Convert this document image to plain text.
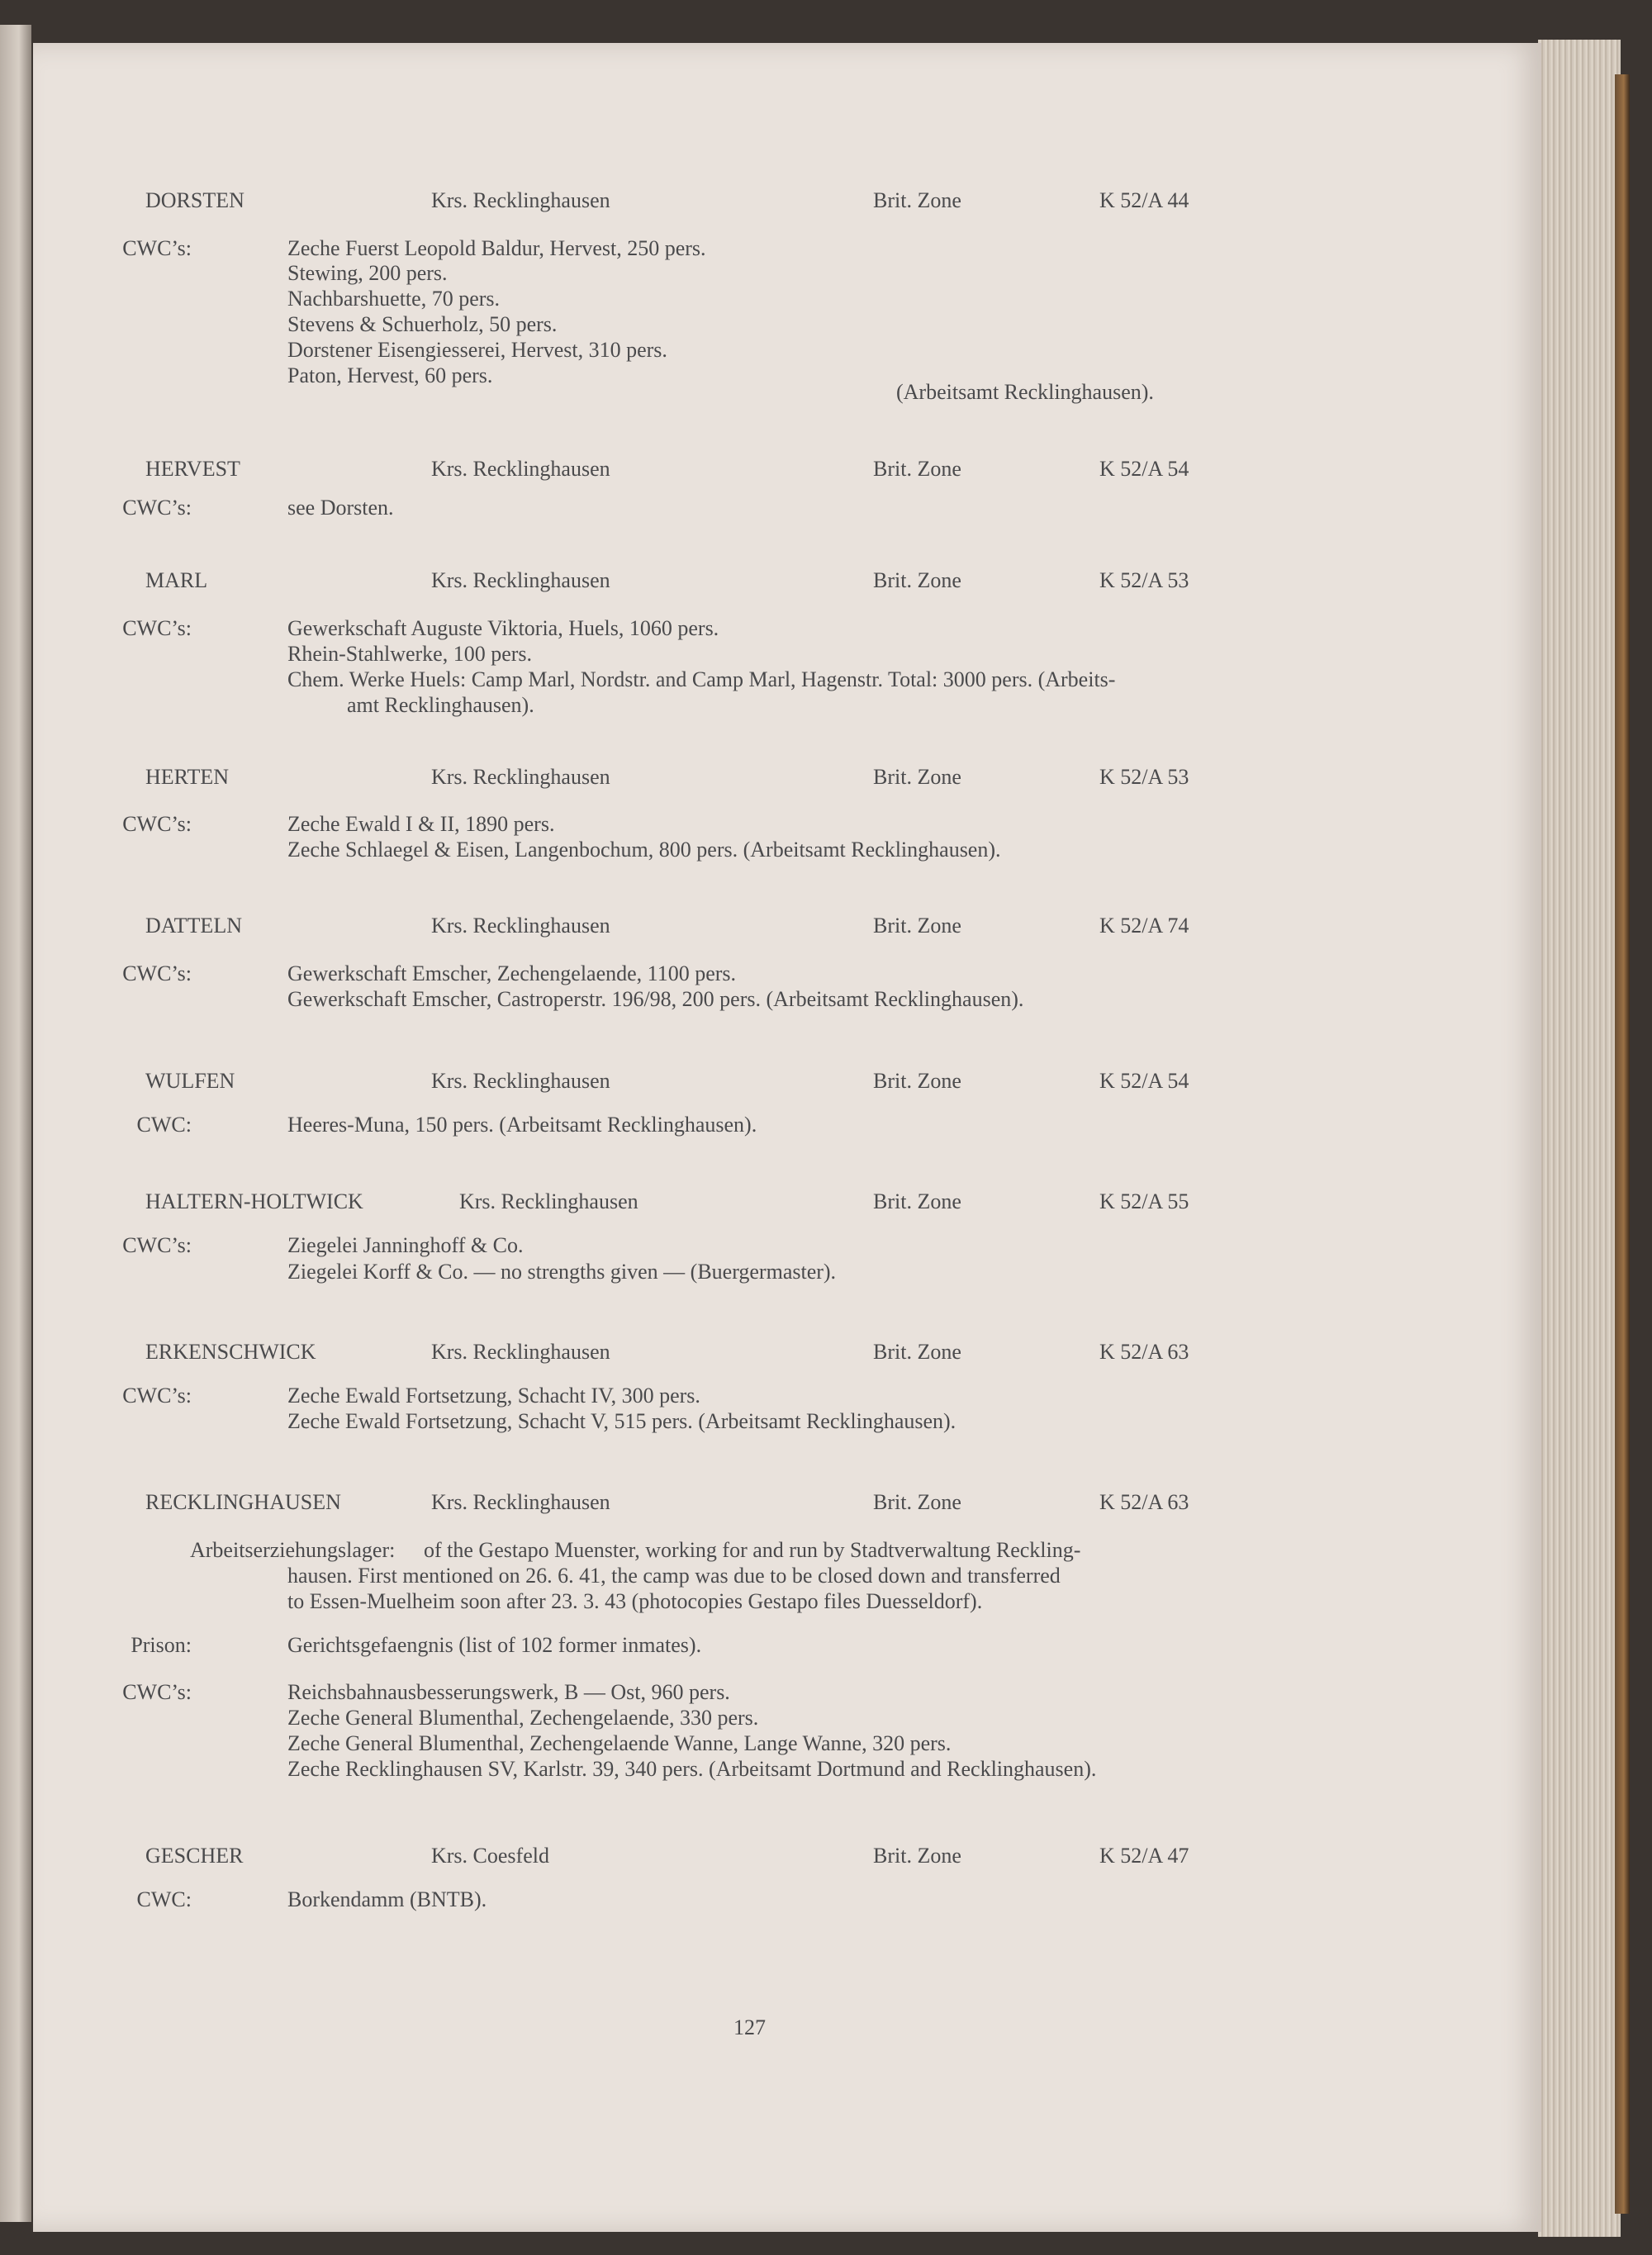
DORSTEN	Krs. Recklinghausen	Brit. Zone	K 52/A 44
CWC’s:	Zeche Fuerst Leopold Baldur, Hervest, 250 pers.
Stewing, 200 pers.
Nachbarshuette, 70 pers.
Stevens & Schuerholz, 50 pers.
Dorstener Eisengiesserei, Hervest, 310 pers.
Paton, Hervest, 60 pers.
(Arbeitsamt Recklinghausen).
HERVEST	Krs. Recklinghausen	Brit. Zone	K 52/A 54
CWC’s:	see Dorsten.
MARL	Krs. Recklinghausen	Brit. Zone	K 52/A 53
CWC’s:	Gewerkschaft Auguste Viktoria, Huels, 1060 pers.
Rhein-Stahlwerke, 100 pers.
Chem. Werke Huels: Camp Marl, Nordstr. and Camp Marl, Hagenstr. Total: 3000 pers. (Arbeits-
amt Recklinghausen).
HERTEN	Krs. Recklinghausen	Brit. Zone	K 52/A 53
CWC’s:	Zeche Ewald I & II, 1890 pers.
Zeche Schlaegel & Eisen, Langenbochum, 800 pers. (Arbeitsamt Recklinghausen).
DATTELN	Krs. Recklinghausen	Brit. Zone	K 52/A 74
CWC’s:	Gewerkschaft Emscher, Zechengelaende, 1100 pers.
Gewerkschaft Emscher, Castroperstr. 196/98, 200 pers. (Arbeitsamt Recklinghausen).
WULFEN	Krs. Recklinghausen	Brit. Zone	K 52/A 54
CWC:	Heeres-Muna, 150 pers. (Arbeitsamt Recklinghausen).
HALTERN-HOLTWICK	Krs. Recklinghausen	Brit. Zone	K 52/A 55
CWC’s:	Ziegelei Janninghoff & Co.
Ziegelei Korff & Co. — no strengths given — (Buergermaster).
ERKENSCHWICK	Krs. Recklinghausen	Brit. Zone	K 52/A 63
CWC’s:	Zeche Ewald Fortsetzung, Schacht IV, 300 pers.
Zeche Ewald Fortsetzung, Schacht V, 515 pers. (Arbeitsamt Recklinghausen).
RECKLINGHAUSEN	Krs. Recklinghausen	Brit. Zone	K 52/A 63
Arbeitserziehungslager: of the Gestapo Muenster, working for and run by Stadtverwaltung Reckling-
hausen. First mentioned on 26. 6. 41, the camp was due to be closed down and transferred
to Essen-Muelheim soon after 23. 3. 43 (photocopies Gestapo files Duesseldorf).
Prison:	Gerichtsgefaengnis (list of 102 former inmates).
CWC’s:	Reichsbahnausbesserungswerk, B — Ost, 960 pers.
Zeche General Blumenthal, Zechengelaende, 330 pers.
Zeche General Blumenthal, Zechengelaende Wanne, Lange Wanne, 320 pers.
Zeche Recklinghausen SV, Karlstr. 39, 340 pers. (Arbeitsamt Dortmund and Recklinghausen).
GESCHER	Krs. Coesfeld	Brit. Zone	K 52/A 47
CWC:	Borkendamm (BNTB).
127
